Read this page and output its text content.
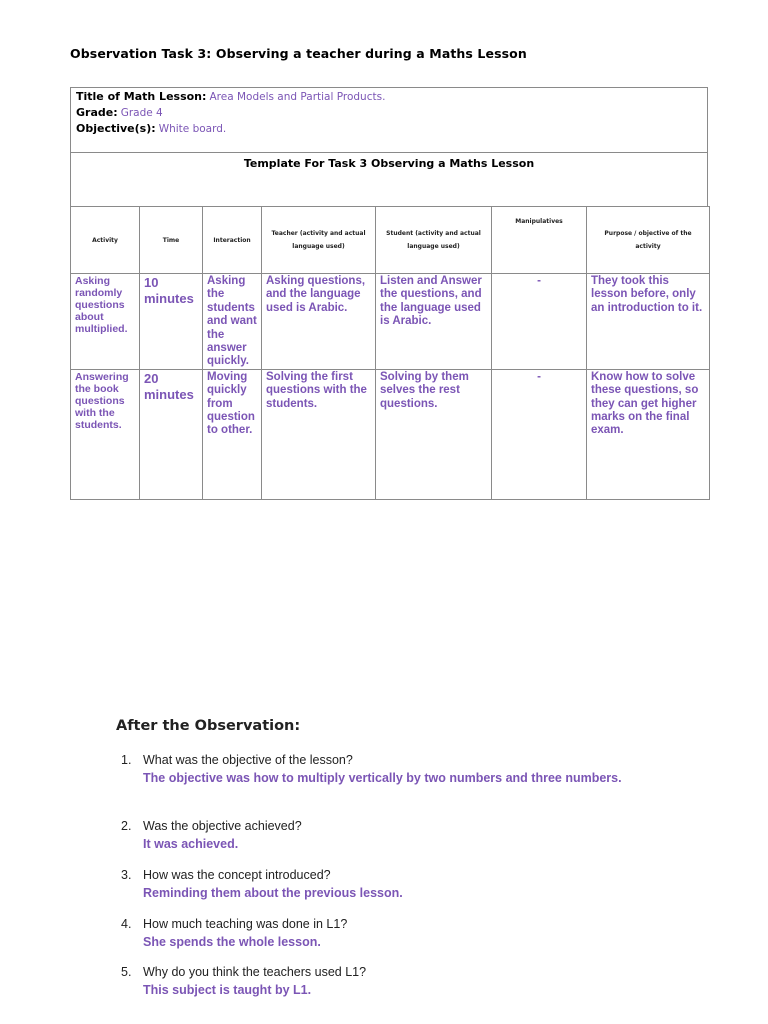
Observation Task 3: Observing a teacher during a Maths Lesson
Title of Math Lesson: Area Models and Partial Products.
Grade: Grade 4
Objective(s): White board.
Template For Task 3 Observing a Maths Lesson
Activity	Time	Interaction	Teacher (activity and actual language used)	Student (activity and actual language used)	Manipulatives	Purpose / objective of the activity
Asking randomly questions about multiplied.	10 minutes	Asking the students and want the answer quickly.	Asking questions, and the language used is Arabic.	Listen and Answer the questions, and the language used is Arabic.	-	They took this lesson before, only an introduction to it.
Answering the book questions with the students.	20 minutes	Moving quickly from question to other.	Solving the first questions with the students.	Solving by them selves the rest questions.	-	Know how to solve these questions, so they can get higher marks on the final exam.
After the Observation:
1. What was the objective of the lesson?
The objective was how to multiply vertically by two numbers and three numbers.
2. Was the objective achieved?
It was achieved.
3. How was the concept introduced?
Reminding them about the previous lesson.
4. How much teaching was done in L1?
She spends the whole lesson.
5. Why do you think the teachers used L1?
This subject is taught by L1.
